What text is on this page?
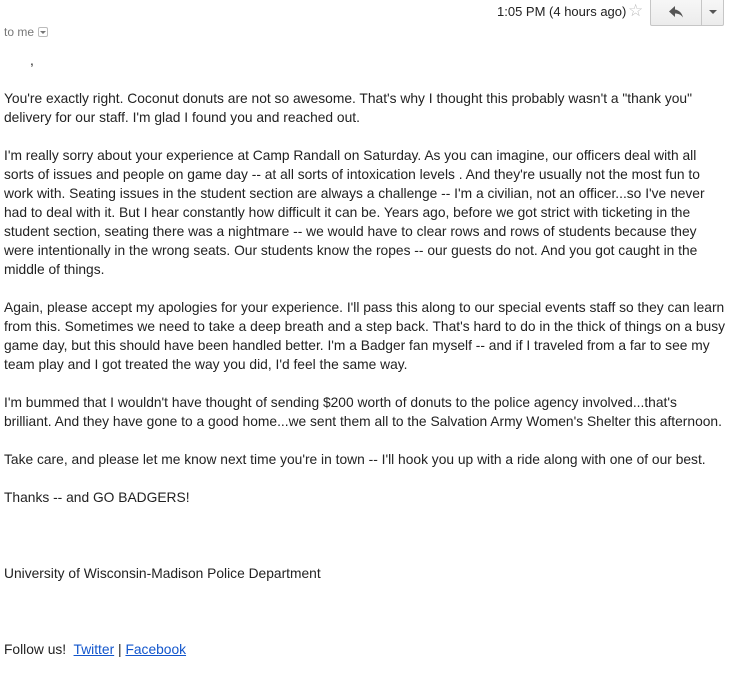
1:05 PM (4 hours ago) ☆
to me
,

You're exactly right. Coconut donuts are not so awesome. That's why I thought this probably wasn't a "thank you" delivery for our staff. I'm glad I found you and reached out.

I'm really sorry about your experience at Camp Randall on Saturday. As you can imagine, our officers deal with all sorts of issues and people on game day -- at all sorts of intoxication levels . And they're usually not the most fun to work with. Seating issues in the student section are always a challenge -- I'm a civilian, not an officer...so I've never had to deal with it. But I hear constantly how difficult it can be. Years ago, before we got strict with ticketing in the student section, seating there was a nightmare -- we would have to clear rows and rows of students because they were intentionally in the wrong seats. Our students know the ropes -- our guests do not. And you got caught in the middle of things.

Again, please accept my apologies for your experience. I'll pass this along to our special events staff so they can learn from this. Sometimes we need to take a deep breath and a step back. That's hard to do in the thick of things on a busy game day, but this should have been handled better. I'm a Badger fan myself -- and if I traveled from a far to see my team play and I got treated the way you did, I'd feel the same way.

I'm bummed that I wouldn't have thought of sending $200 worth of donuts to the police agency involved...that's brilliant. And they have gone to a good home...we sent them all to the Salvation Army Women's Shelter this afternoon.

Take care, and please let me know next time you're in town -- I'll hook you up with a ride along with one of our best.

Thanks -- and GO BADGERS!

University of Wisconsin-Madison Police Department

Follow us! Twitter | Facebook
